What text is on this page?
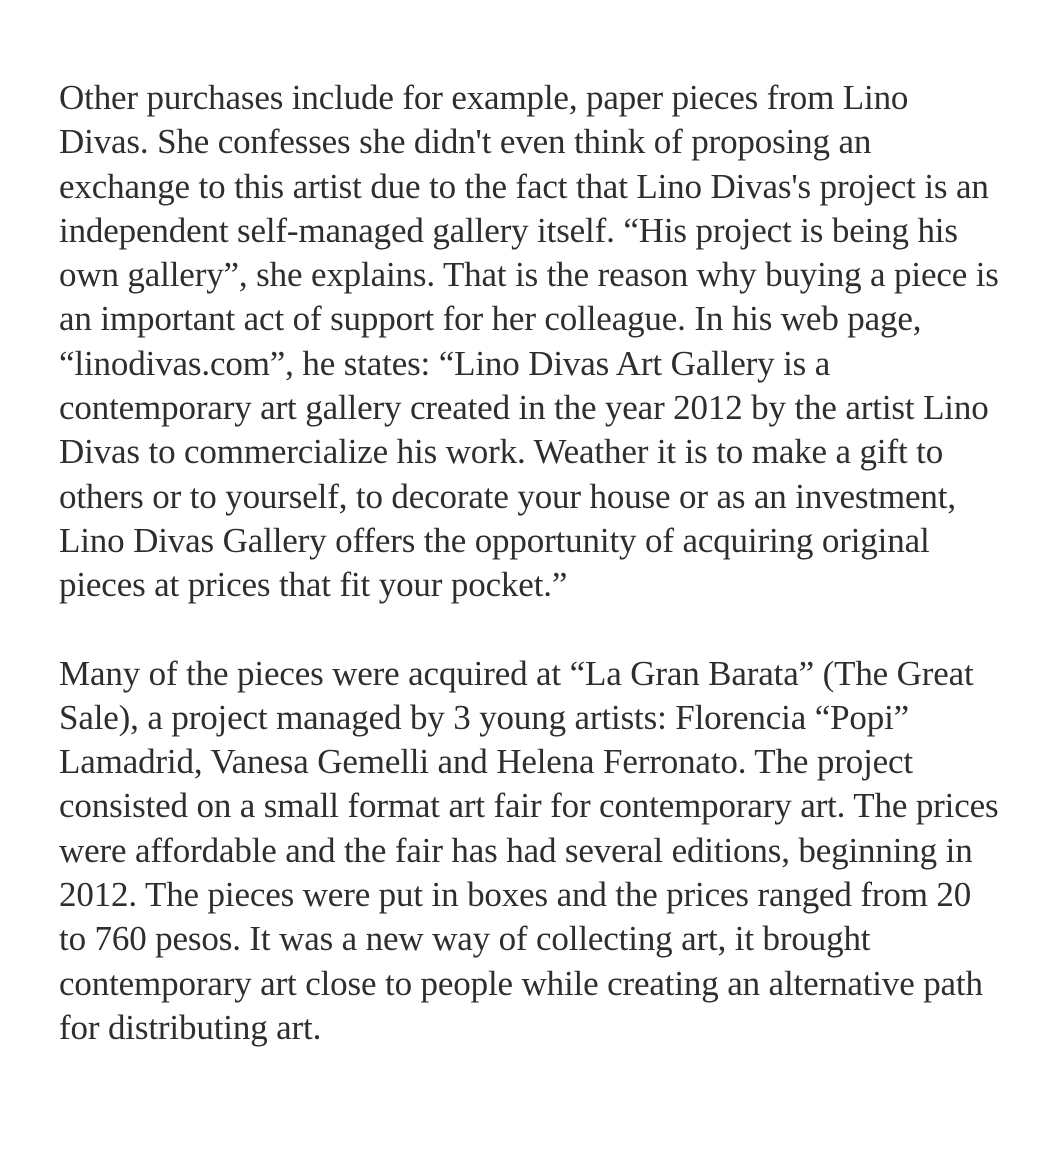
Other purchases include for example, paper pieces from Lino Divas. She confesses she didn't even think of proposing an exchange to this artist due to the fact that Lino Divas's project is an independent self-managed gallery itself. “His project is being his own gallery”, she explains. That is the reason why buying a piece is an important act of support for her colleague. In his web page, “linodivas.com”, he states: “Lino Divas Art Gallery is a contemporary art gallery created in the year 2012 by the artist Lino Divas to commercialize his work. Weather it is to make a gift to others or to yourself, to decorate your house or as an investment, Lino Divas Gallery offers the opportunity of acquiring original pieces at prices that fit your pocket.”

Many of the pieces were acquired at “La Gran Barata” (The Great Sale), a project managed by 3 young artists: Florencia “Popi” Lamadrid, Vanesa Gemelli and Helena Ferronato. The project consisted on a small format art fair for contemporary art. The prices were affordable and the fair has had several editions, beginning in 2012. The pieces were put in boxes and the prices ranged from 20 to 760 pesos. It was a new way of collecting art, it brought contemporary art close to people while creating an alternative path for distributing art.
